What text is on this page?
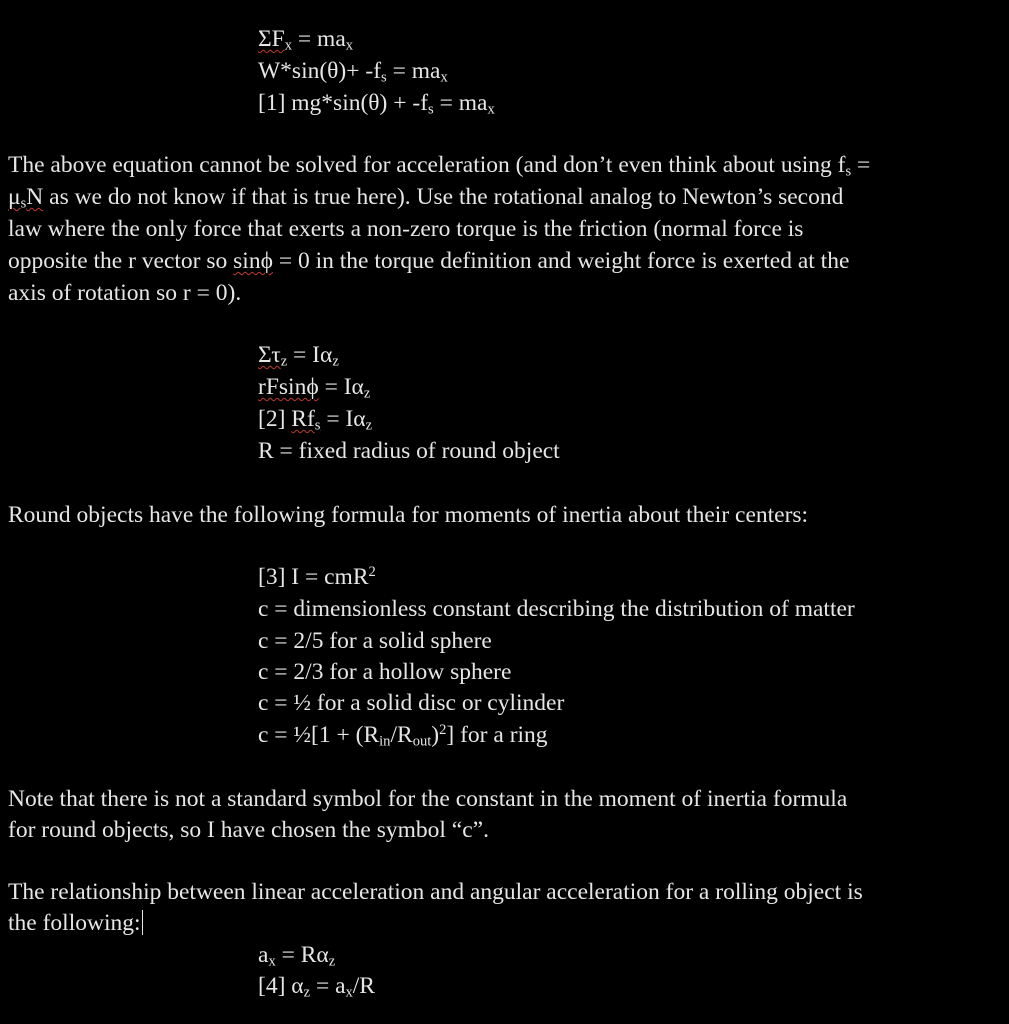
$\Sigma F_x = ma_x$
$W*\sin(\theta)+ -f_s = ma_x$
[1] $mg*\sin(\theta) + -f_s = ma_x$
The above equation cannot be solved for acceleration (and don’t even think about using $f_s$ =
$\mu_sN$ as we do not know if that is true here). Use the rotational analog to Newton’s second
law where the only force that exerts a non-zero torque is the friction (normal force is
opposite the r vector so sinϕ = 0 in the torque definition and weight force is exerted at the
axis of rotation so r = 0).
$\Sigma\tau_z = I\alpha_z$
$rFsin\phi = I\alpha_z$
[2] $Rf_s = I\alpha_z$
R = fixed radius of round object
Round objects have the following formula for moments of inertia about their centers:
[3] I = cmR$^2$
c = dimensionless constant describing the distribution of matter
c = 2/5 for a solid sphere
c = 2/3 for a hollow sphere
c = ½ for a solid disc or cylinder
c = ½[1 + $(R_{in}/R_{out})^2$] for a ring
Note that there is not a standard symbol for the constant in the moment of inertia formula
for round objects, so I have chosen the symbol “c”.
The relationship between linear acceleration and angular acceleration for a rolling object is
the following:
$a_x = R\alpha_z$
[4] $\alpha_z = a_x/R$
